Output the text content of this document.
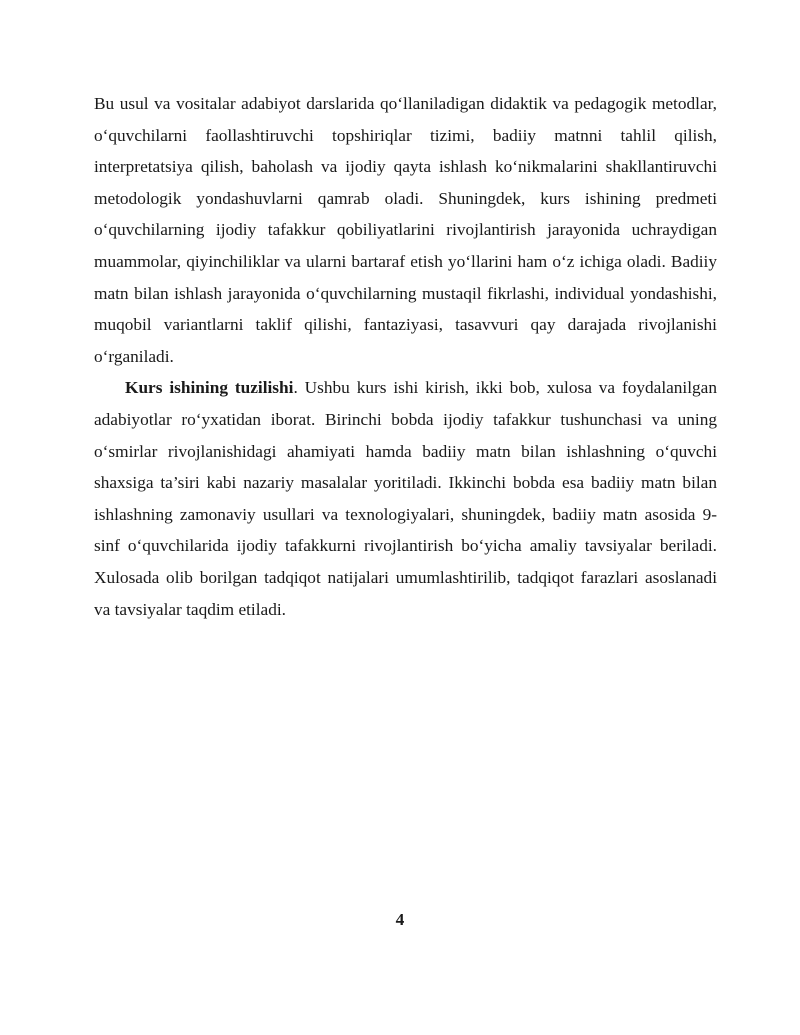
Bu usul va vositalar adabiyot darslarida qo‘llaniladigan didaktik va pedagogik metodlar, o‘quvchilarni faollashtiruvchi topshiriqlar tizimi, badiiy matnni tahlil qilish, interpretatsiya qilish, baholash va ijodiy qayta ishlash ko‘nikmalarini shakllantiruvchi metodologik yondashuvlarni qamrab oladi. Shuningdek, kurs ishining predmeti o‘quvchilarning ijodiy tafakkur qobiliyatlarini rivojlantirish jarayonida uchraydigan muammolar, qiyinchiliklar va ularni bartaraf etish yo‘llarini ham o‘z ichiga oladi. Badiiy matn bilan ishlash jarayonida o‘quvchilarning mustaqil fikrlashi, individual yondashishi, muqobil variantlarni taklif qilishi, fantaziyasi, tasavvuri qay darajada rivojlanishi o‘rganiladi.

Kurs ishining tuzilishi. Ushbu kurs ishi kirish, ikki bob, xulosa va foydalanilgan adabiyotlar ro‘yxatidan iborat. Birinchi bobda ijodiy tafakkur tushunchasi va uning o‘smirlar rivojlanishidagi ahamiyati hamda badiiy matn bilan ishlashning o‘quvchi shaxsiga ta’siri kabi nazariy masalalar yoritiladi. Ikkinchi bobda esa badiiy matn bilan ishlashning zamonaviy usullari va texnologiyalari, shuningdek, badiiy matn asosida 9-sinf o‘quvchilarida ijodiy tafakkurni rivojlantirish bo‘yicha amaliy tavsiyalar beriladi. Xulosada olib borilgan tadqiqot natijalari umumlashtirilib, tadqiqot farazlari asoslanadi va tavsiyalar taqdim etiladi.

4
